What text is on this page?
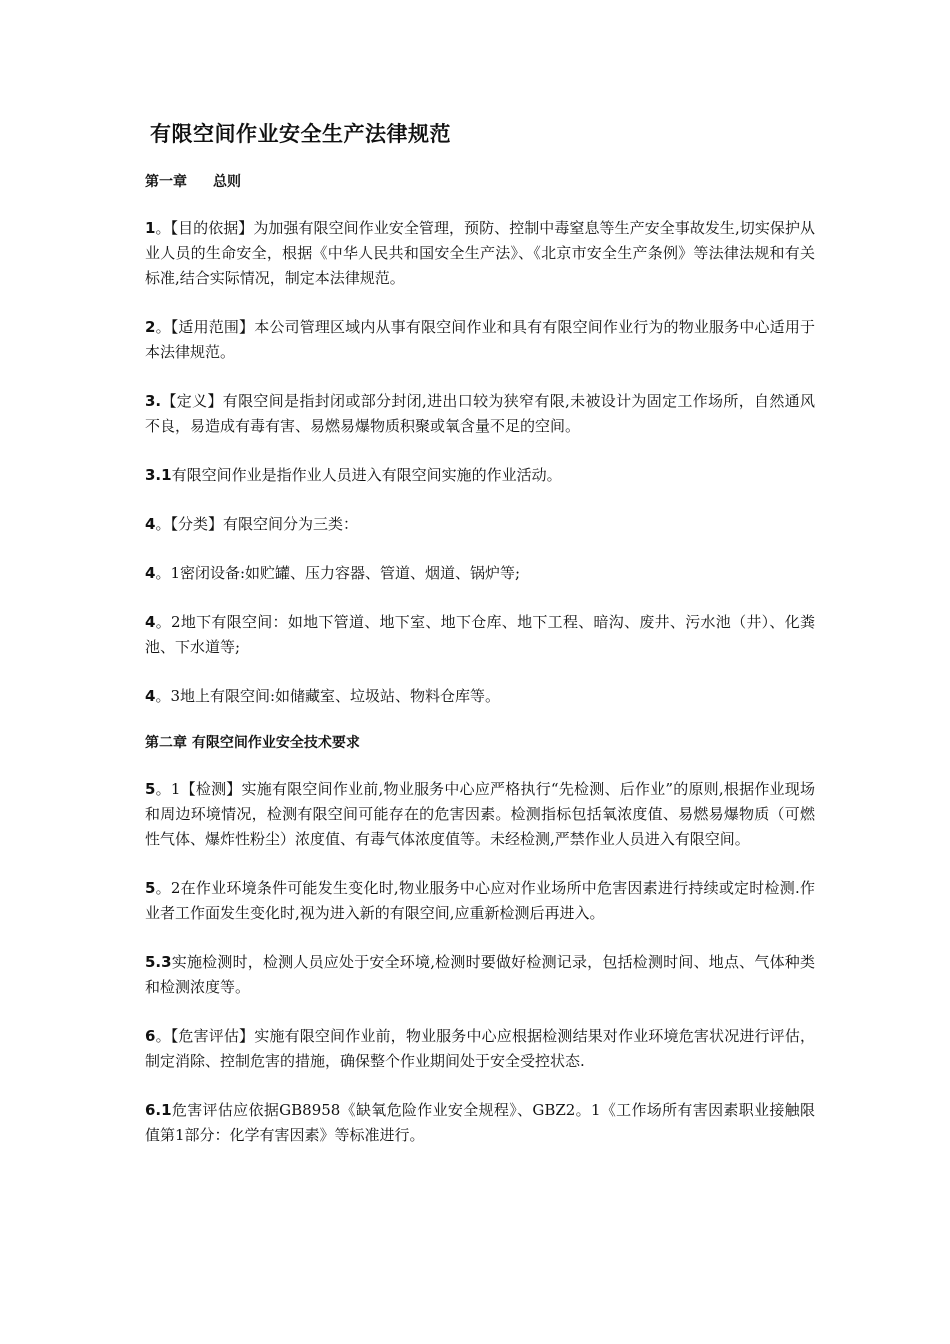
有限空间作业安全生产法律规范

第一章 总则

1。【目的依据】为加强有限空间作业安全管理，预防、控制中毒窒息等生产安全事故发生,切实保护从业人员的生命安全，根据《中华人民共和国安全生产法》、《北京市安全生产条例》等法律法规和有关标准,结合实际情况，制定本法律规范。

2。【适用范围】本公司管理区域内从事有限空间作业和具有有限空间作业行为的物业服务中心适用于本法律规范。

3.【定义】有限空间是指封闭或部分封闭,进出口较为狭窄有限,未被设计为固定工作场所，自然通风不良，易造成有毒有害、易燃易爆物质积聚或氧含量不足的空间。

3.1有限空间作业是指作业人员进入有限空间实施的作业活动。

4。【分类】有限空间分为三类：

4。1密闭设备:如贮罐、压力容器、管道、烟道、锅炉等;

4。2地下有限空间：如地下管道、地下室、地下仓库、地下工程、暗沟、废井、污水池（井）、化粪池、下水道等;

4。3地上有限空间:如储藏室、垃圾站、物料仓库等。

第二章 有限空间作业安全技术要求

5。1【检测】实施有限空间作业前,物业服务中心应严格执行“先检测、后作业”的原则,根据作业现场和周边环境情况，检测有限空间可能存在的危害因素。检测指标包括氧浓度值、易燃易爆物质（可燃性气体、爆炸性粉尘）浓度值、有毒气体浓度值等。未经检测,严禁作业人员进入有限空间。

5。2在作业环境条件可能发生变化时,物业服务中心应对作业场所中危害因素进行持续或定时检测.作业者工作面发生变化时,视为进入新的有限空间,应重新检测后再进入。

5.3实施检测时，检测人员应处于安全环境,检测时要做好检测记录，包括检测时间、地点、气体种类和检测浓度等。

6。【危害评估】实施有限空间作业前，物业服务中心应根据检测结果对作业环境危害状况进行评估，制定消除、控制危害的措施，确保整个作业期间处于安全受控状态.

6.1危害评估应依据GB8958《缺氧危险作业安全规程》、GBZ2。1《工作场所有害因素职业接触限值第1部分：化学有害因素》等标准进行。
